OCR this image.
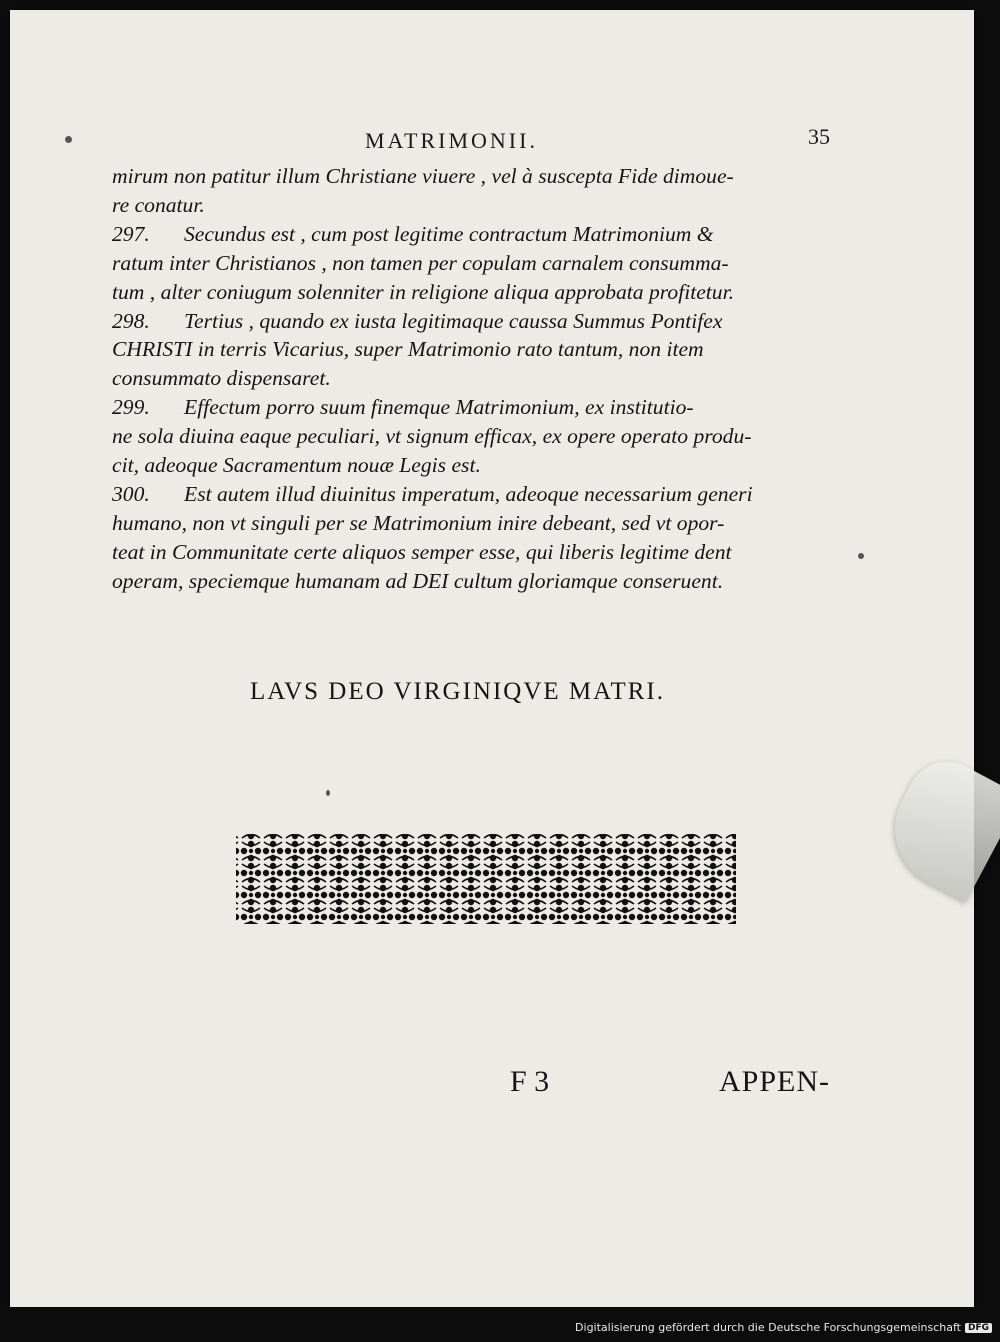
MATRIMONII.	35

mirum non patitur illum Christiane viuere , vel à suscepta Fide dimoue-

re conatur.

297. Secundus est , cum post legitime contractum Matrimonium &

ratum inter Christianos , non tamen per copulam carnalem consumma-

tum , alter coniugum solenniter in religione aliqua approbata profitetur.

298. Tertius , quando ex iusta legitimaque caussa Summus Pontifex

CHRISTI in terris Vicarius, super Matrimonio rato tantum, non item

consummato dispensaret.

299. Effectum porro suum finemque Matrimonium, ex institutio-

ne sola diuina eaque peculiari, vt signum efficax, ex opere operato produ-

cit, adeoque Sacramentum nouæ Legis est.

300. Est autem illud diuinitus imperatum, adeoque necessarium generi

humano, non vt singuli per se Matrimonium inire debeant, sed vt opor-

teat in Communitate certe aliquos semper esse, qui liberis legitime dent

operam, speciemque humanam ad DEI cultum gloriamque conseruent.

LAVS DEO VIRGINIQVE MATRI.
F 3	APPEN-
Digitalisierung gefördert durch die Deutsche Forschungsgemeinschaft DFG
